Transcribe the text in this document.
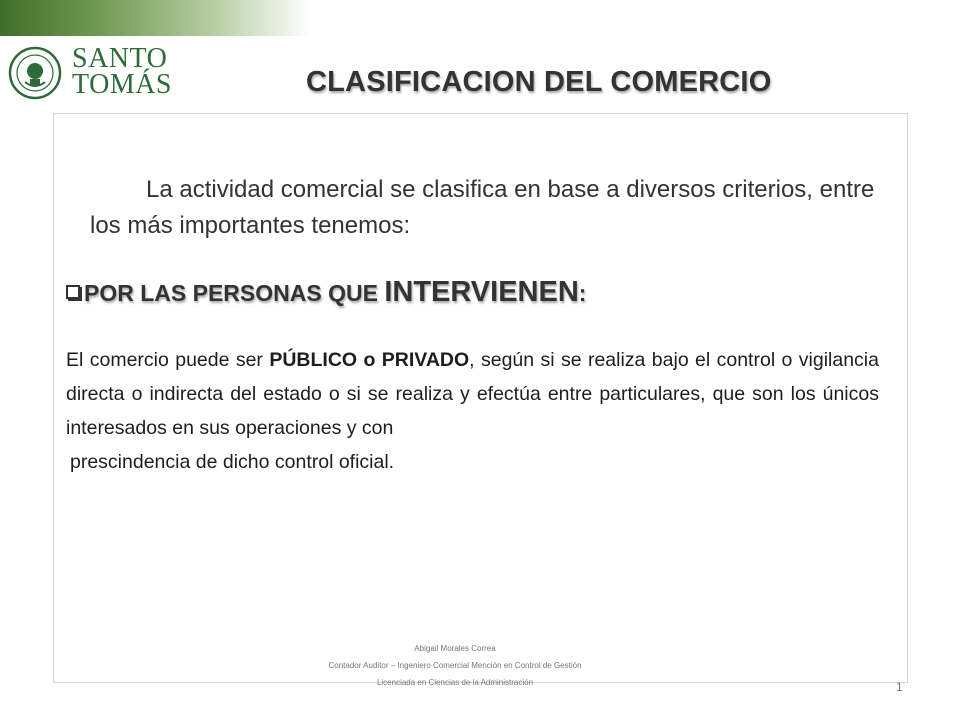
SANTO
TOMÁS	CLASIFICACION DEL COMERCIO
La actividad comercial se clasifica en base a diversos criterios, entre los más importantes tenemos:
POR LAS PERSONAS QUE INTERVIENEN:
El comercio puede ser PÚBLICO o PRIVADO, según si se realiza bajo el control o vigilancia directa o indirecta del estado o si se realiza y efectúa entre particulares, que son los únicos interesados en sus operaciones y con
prescindencia de dicho control oficial.
Abigail Morales Correa
Contador Auditor – Ingeniero Comercial Mención en Control de Gestión
Licenciada en Ciencias de la Administración	1
